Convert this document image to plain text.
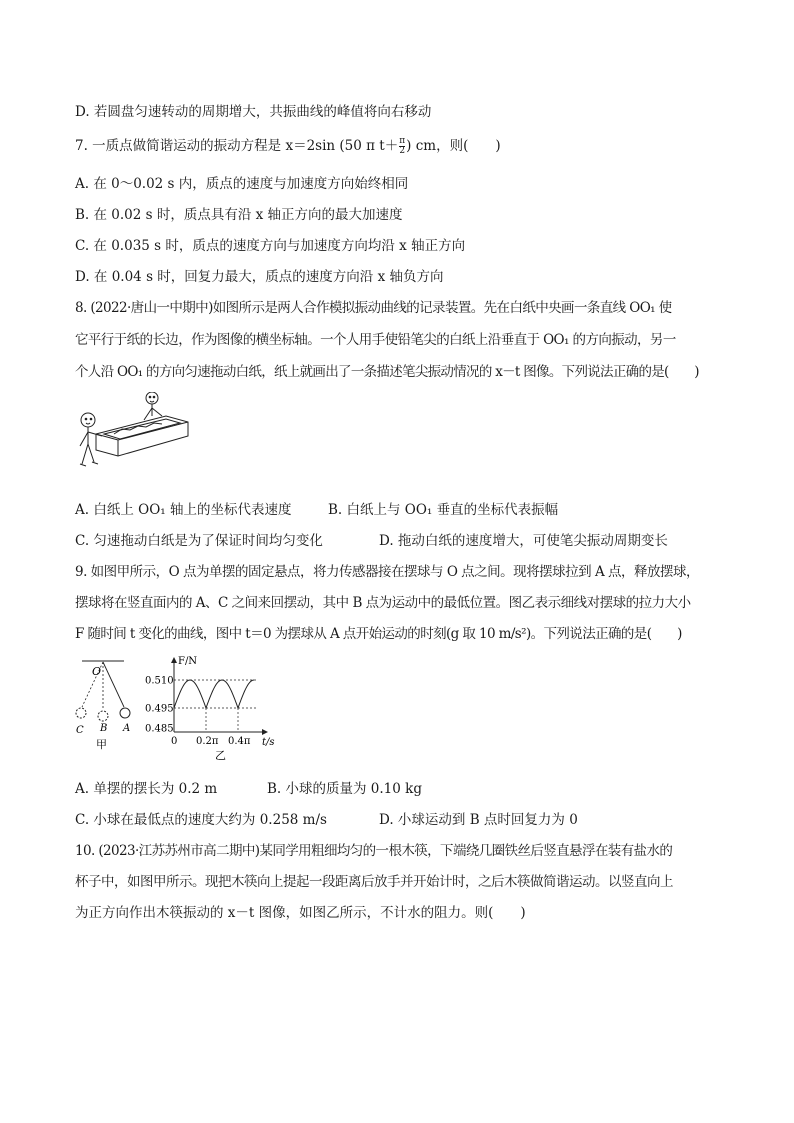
D. 若圆盘匀速转动的周期增大，共振曲线的峰值将向右移动
7. 一质点做简谐运动的振动方程是 x＝2sin (50 π $t+ \frac{\pi}{2}$ ) cm，则(　　)
A. 在 0～0.02 s 内，质点的速度与加速度方向始终相同
B. 在 0.02 s 时，质点具有沿 x 轴正方向的最大加速度
C. 在 0.035 s 时，质点的速度方向与加速度方向均沿 x 轴正方向
D. 在 0.04 s 时，回复力最大，质点的速度方向沿 x 轴负方向
8. (2022·唐山一中期中)如图所示是两人合作模拟振动曲线的记录装置。先在白纸中央画一条直线 OO₁ 使
它平行于纸的长边，作为图像的横坐标轴。一个人用手使铅笔尖的白纸上沿垂直于 OO₁ 的方向振动，另一
个人沿 OO₁ 的方向匀速拖动白纸，纸上就画出了一条描述笔尖振动情况的 x－t 图像。下列说法正确的是(　　)
A. 白纸上 OO₁ 轴上的坐标代表速度	B. 白纸上与 OO₁ 垂直的坐标代表振幅
C. 匀速拖动白纸是为了保证时间均匀变化	D. 拖动白纸的速度增大，可使笔尖振动周期变长
9. 如图甲所示，O 点为单摆的固定悬点，将力传感器接在摆球与 O 点之间。现将摆球拉到 A 点，释放摆球，
摆球将在竖直面内的 A、C 之间来回摆动，其中 B 点为运动中的最低位置。图乙表示细线对摆球的拉力大小
F 随时间 t 变化的曲线，图中 t＝0 为摆球从 A 点开始运动的时刻(g 取 10 m/s²)。下列说法正确的是(　　)
O
C B A
甲
F/N
t/s
0.510
0.495
0.485
0 0.2π 0.4π
乙
A. 单摆的摆长为 0.2 m	B. 小球的质量为 0.10 kg
C. 小球在最低点的速度大约为 0.258 m/s	D. 小球运动到 B 点时回复力为 0
10. (2023·江苏苏州市高二期中)某同学用粗细均匀的一根木筷，下端绕几圈铁丝后竖直悬浮在装有盐水的
杯子中，如图甲所示。现把木筷向上提起一段距离后放手并开始计时，之后木筷做简谐运动。以竖直向上
为正方向作出木筷振动的 x－t 图像，如图乙所示，不计水的阻力。则(　　)
